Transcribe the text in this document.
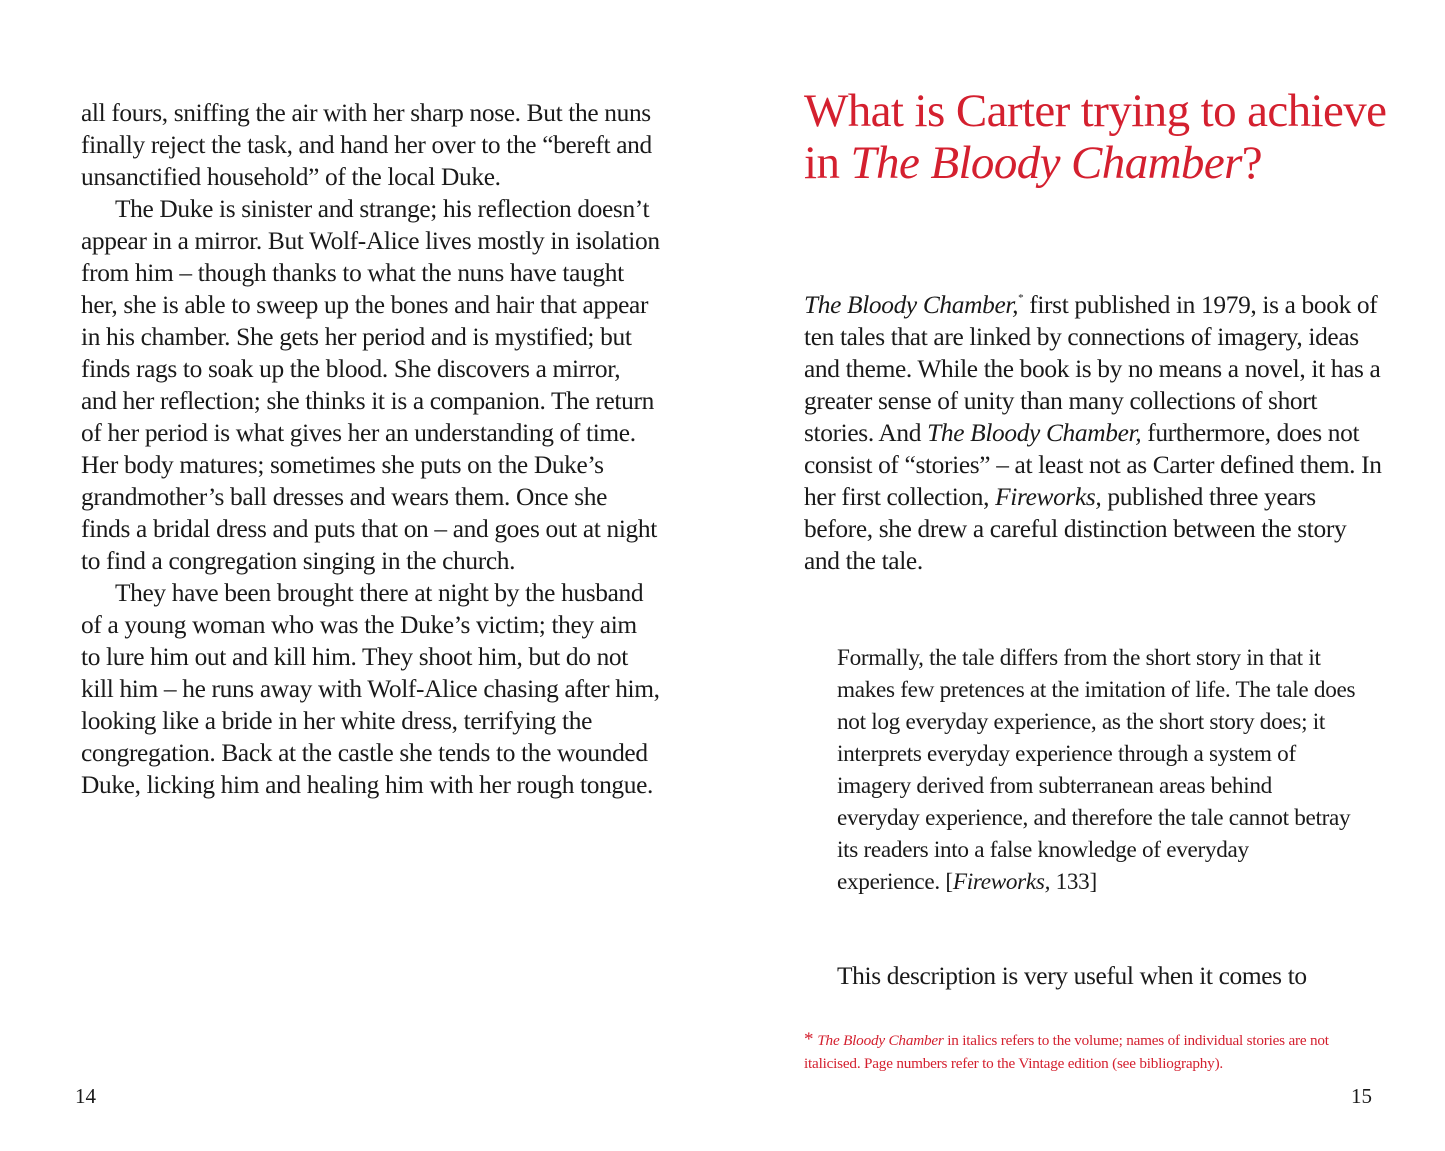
all fours, sniffing the air with her sharp nose. But the nuns finally reject the task, and hand her over to the “bereft and unsanctified household” of the local Duke.

The Duke is sinister and strange; his reflection doesn’t appear in a mirror. But Wolf-Alice lives mostly in isolation from him – though thanks to what the nuns have taught her, she is able to sweep up the bones and hair that appear in his chamber. She gets her period and is mystified; but finds rags to soak up the blood. She discovers a mirror, and her reflection; she thinks it is a companion. The return of her period is what gives her an understanding of time. Her body matures; sometimes she puts on the Duke’s grandmother’s ball dresses and wears them. Once she finds a bridal dress and puts that on – and goes out at night to find a congregation singing in the church.

They have been brought there at night by the husband of a young woman who was the Duke’s victim; they aim to lure him out and kill him. They shoot him, but do not kill him – he runs away with Wolf-Alice chasing after him, looking like a bride in her white dress, terrifying the congregation. Back at the castle she tends to the wounded Duke, licking him and healing him with her rough tongue.

14
What is Carter trying to achieve in The Bloody Chamber?

The Bloody Chamber,* first published in 1979, is a book of ten tales that are linked by connections of imagery, ideas and theme. While the book is by no means a novel, it has a greater sense of unity than many collections of short stories. And The Bloody Chamber, furthermore, does not consist of “stories” – at least not as Carter defined them. In her first collection, Fireworks, published three years before, she drew a careful distinction between the story and the tale.

Formally, the tale differs from the short story in that it makes few pretences at the imitation of life. The tale does not log everyday experience, as the short story does; it interprets everyday experience through a system of imagery derived from subterranean areas behind everyday experience, and therefore the tale cannot betray its readers into a false knowledge of everyday experience. [Fireworks, 133]

This description is very useful when it comes to

* The Bloody Chamber in italics refers to the volume; names of individual stories are not italicised. Page numbers refer to the Vintage edition (see bibliography).

15
